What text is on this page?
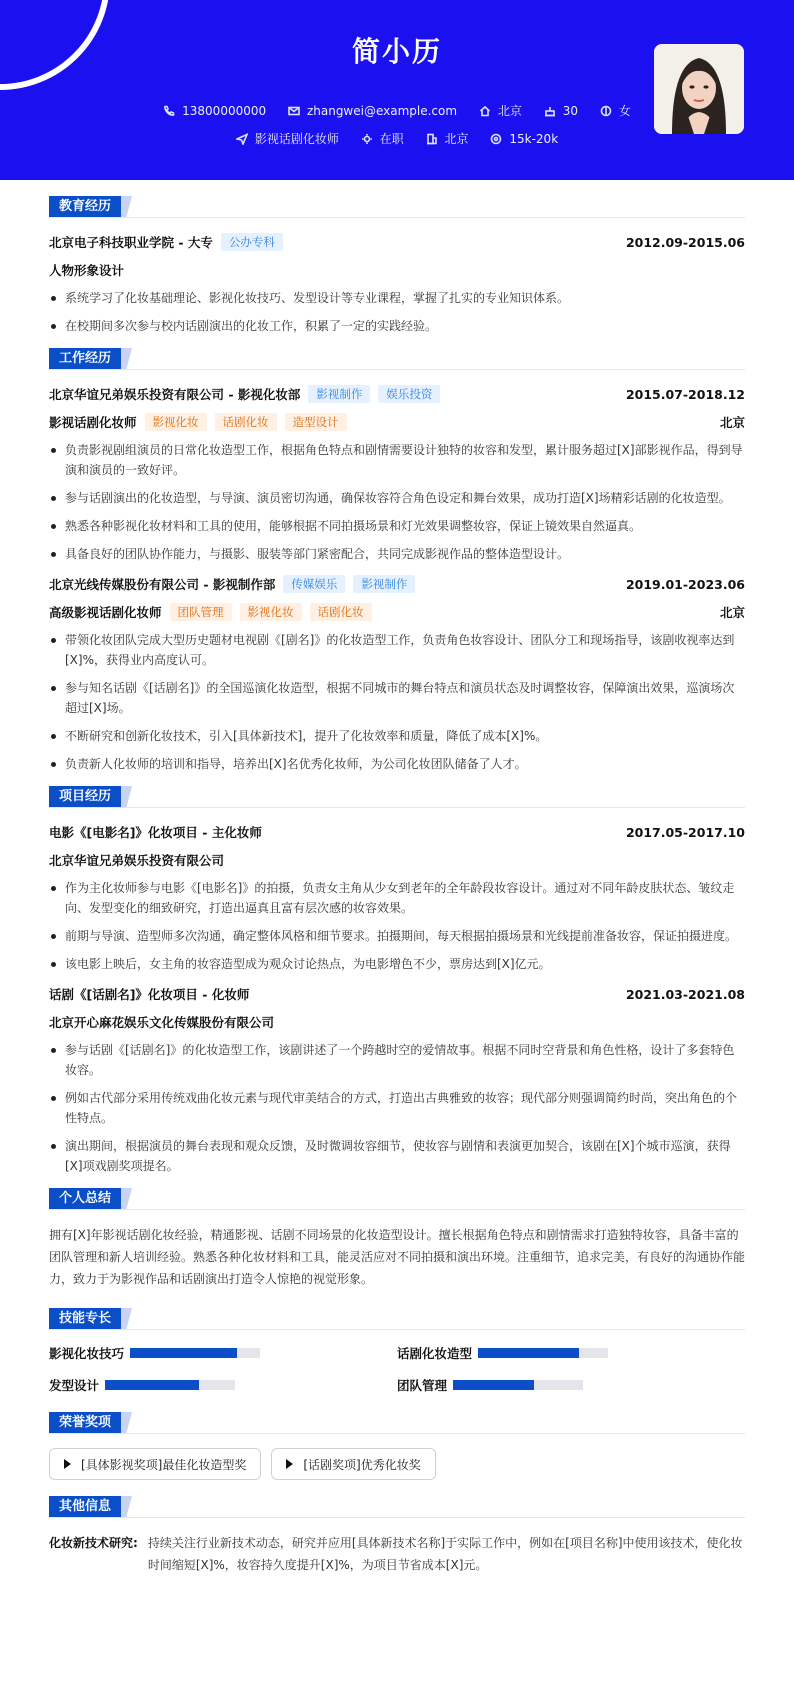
简小历
13800000000
	zhangwei@example.com
	北京
	30
	女
影视话剧化妆师
	在职
	北京
	15k-20k
教育经历
北京电子科技职业学院 - 大专	公办专科	2012.09-2015.06
人物形象设计
系统学习了化妆基础理论、影视化妆技巧、发型设计等专业课程，掌握了扎实的专业知识体系。
在校期间多次参与校内话剧演出的化妆工作，积累了一定的实践经验。
工作经历
北京华谊兄弟娱乐投资有限公司 - 影视化妆部	影视制作	娱乐投资	2015.07-2018.12
影视话剧化妆师	影视化妆	话剧化妆	造型设计	北京
负责影视剧组演员的日常化妆造型工作，根据角色特点和剧情需要设计独特的妆容和发型，累计服务超过[X]部影视作品，得到导演和演员的一致好评。
参与话剧演出的化妆造型，与导演、演员密切沟通，确保妆容符合角色设定和舞台效果，成功打造[X]场精彩话剧的化妆造型。
熟悉各种影视化妆材料和工具的使用，能够根据不同拍摄场景和灯光效果调整妆容，保证上镜效果自然逼真。
具备良好的团队协作能力，与摄影、服装等部门紧密配合，共同完成影视作品的整体造型设计。
北京光线传媒股份有限公司 - 影视制作部	传媒娱乐	影视制作	2019.01-2023.06
高级影视话剧化妆师	团队管理	影视化妆	话剧化妆	北京
带领化妆团队完成大型历史题材电视剧《[剧名]》的化妆造型工作，负责角色妆容设计、团队分工和现场指导，该剧收视率达到[X]%，获得业内高度认可。
参与知名话剧《[话剧名]》的全国巡演化妆造型，根据不同城市的舞台特点和演员状态及时调整妆容，保障演出效果，巡演场次超过[X]场。
不断研究和创新化妆技术，引入[具体新技术]，提升了化妆效率和质量，降低了成本[X]%。
负责新人化妆师的培训和指导，培养出[X]名优秀化妆师，为公司化妆团队储备了人才。
项目经历
电影《[电影名]》化妆项目 - 主化妆师	2017.05-2017.10
北京华谊兄弟娱乐投资有限公司
作为主化妆师参与电影《[电影名]》的拍摄，负责女主角从少女到老年的全年龄段妆容设计。通过对不同年龄皮肤状态、皱纹走向、发型变化的细致研究，打造出逼真且富有层次感的妆容效果。
前期与导演、造型师多次沟通，确定整体风格和细节要求。拍摄期间，每天根据拍摄场景和光线提前准备妆容，保证拍摄进度。
该电影上映后，女主角的妆容造型成为观众讨论热点，为电影增色不少，票房达到[X]亿元。
话剧《[话剧名]》化妆项目 - 化妆师	2021.03-2021.08
北京开心麻花娱乐文化传媒股份有限公司
参与话剧《[话剧名]》的化妆造型工作，该剧讲述了一个跨越时空的爱情故事。根据不同时空背景和角色性格，设计了多套特色妆容。
例如古代部分采用传统戏曲化妆元素与现代审美结合的方式，打造出古典雅致的妆容；现代部分则强调简约时尚，突出角色的个性特点。
演出期间，根据演员的舞台表现和观众反馈，及时微调妆容细节，使妆容与剧情和表演更加契合，该剧在[X]个城市巡演，获得[X]项戏剧奖项提名。
个人总结
拥有[X]年影视话剧化妆经验，精通影视、话剧不同场景的化妆造型设计。擅长根据角色特点和剧情需求打造独特妆容，具备丰富的团队管理和新人培训经验。熟悉各种化妆材料和工具，能灵活应对不同拍摄和演出环境。注重细节，追求完美，有良好的沟通协作能力，致力于为影视作品和话剧演出打造令人惊艳的视觉形象。
技能专长
影视化妆技巧	话剧化妆造型
发型设计	团队管理
荣誉奖项
[具体影视奖项]最佳化妆造型奖	[话剧奖项]优秀化妆奖
其他信息
化妆新技术研究: 持续关注行业新技术动态，研究并应用[具体新技术名称]于实际工作中，例如在[项目名称]中使用该技术，使化妆时间缩短[X]%，妆容持久度提升[X]%，为项目节省成本[X]元。
